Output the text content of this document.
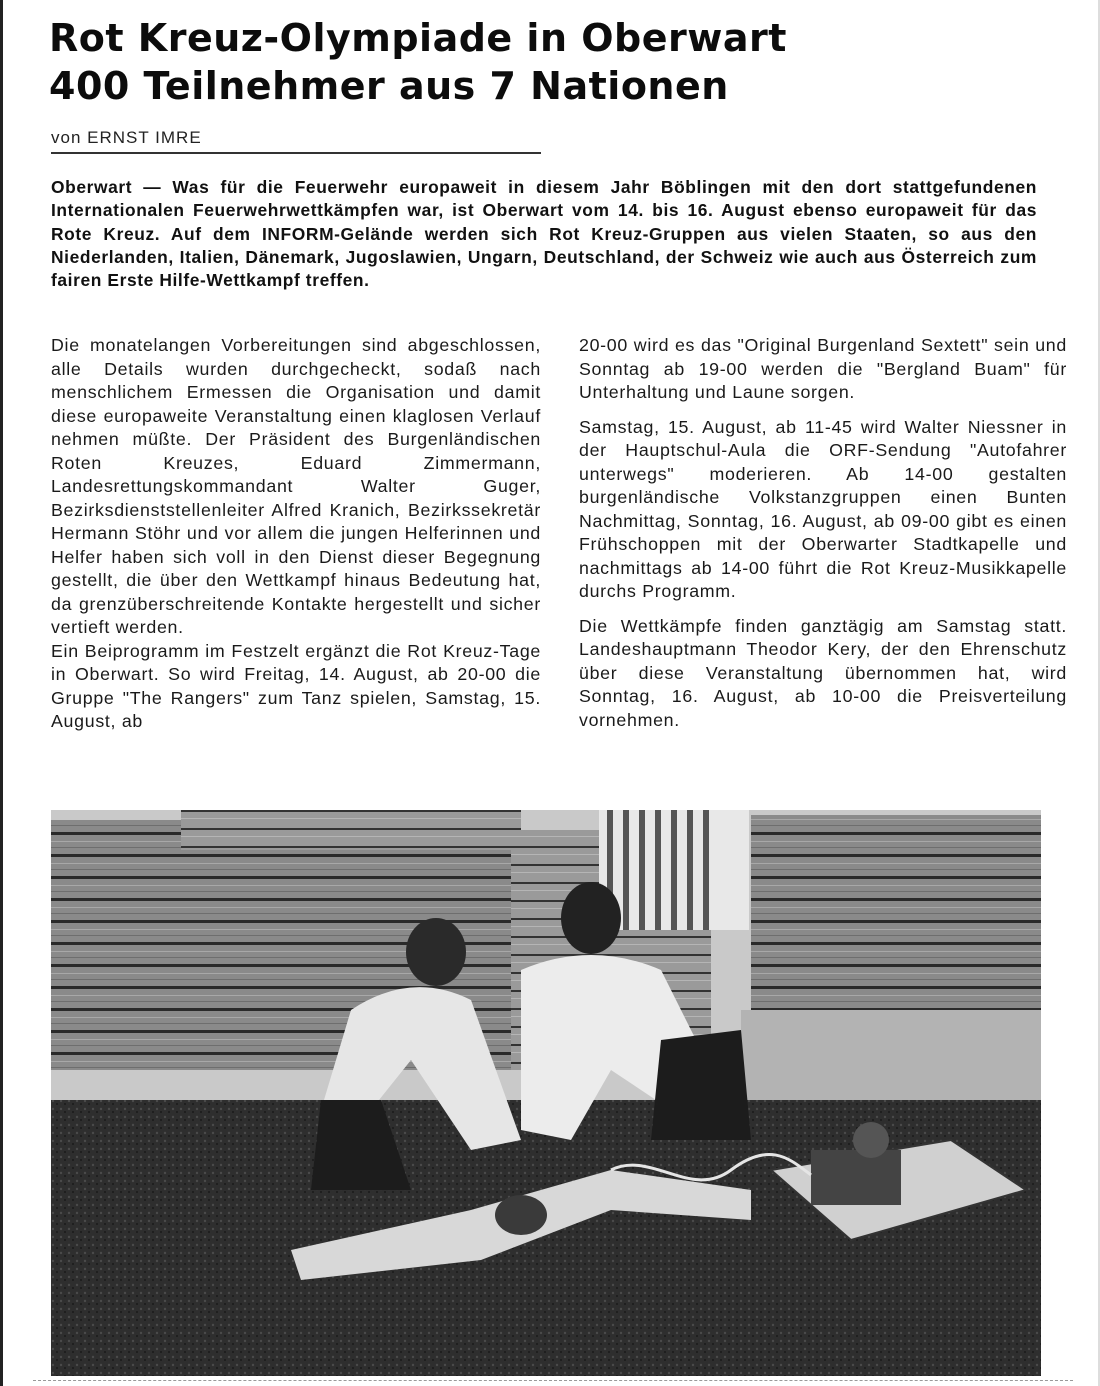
Rot Kreuz-Olympiade in Oberwart
400 Teilnehmer aus 7 Nationen
von ERNST IMRE

Oberwart — Was für die Feuerwehr europaweit in diesem Jahr Böblingen mit den dort stattgefundenen Internationalen Feuerwehrwettkämpfen war, ist Oberwart vom 14. bis 16. August ebenso europaweit für das Rote Kreuz. Auf dem INFORM-Gelände werden sich Rot Kreuz-Gruppen aus vielen Staaten, so aus den Niederlanden, Italien, Dänemark, Jugoslawien, Ungarn, Deutschland, der Schweiz wie auch aus Österreich zum fairen Erste Hilfe-Wettkampf treffen.

Die monatelangen Vorbereitungen sind abgeschlossen, alle Details wurden durchgecheckt, sodaß nach menschlichem Ermessen die Organisation und damit diese europaweite Veranstaltung einen klaglosen Verlauf nehmen müßte. Der Präsident des Burgenländischen Roten Kreuzes, Eduard Zimmermann, Landesrettungskommandant Walter Guger, Bezirksdienststellenleiter Alfred Kranich, Bezirkssekretär Hermann Stöhr und vor allem die jungen Helferinnen und Helfer haben sich voll in den Dienst dieser Begegnung gestellt, die über den Wettkampf hinaus Bedeutung hat, da grenzüberschreitende Kontakte hergestellt und sicher vertieft werden.

Ein Beiprogramm im Festzelt ergänzt die Rot Kreuz-Tage in Oberwart. So wird Freitag, 14. August, ab 20-00 die Gruppe "The Rangers" zum Tanz spielen, Samstag, 15. August, ab

20-00 wird es das "Original Burgenland Sextett" sein und Sonntag ab 19-00 werden die "Bergland Buam" für Unterhaltung und Laune sorgen.

Samstag, 15. August, ab 11-45 wird Walter Niessner in der Hauptschul-Aula die ORF-Sendung "Autofahrer unterwegs" moderieren. Ab 14-00 gestalten burgenländische Volkstanzgruppen einen Bunten Nachmittag, Sonntag, 16. August, ab 09-00 gibt es einen Frühschoppen mit der Oberwarter Stadtkapelle und nachmittags ab 14-00 führt die Rot Kreuz-Musikkapelle durchs Programm.

Die Wettkämpfe finden ganztägig am Samstag statt. Landeshauptmann Theodor Kery, der den Ehrenschutz über diese Veranstaltung übernommen hat, wird Sonntag, 16. August, ab 10-00 die Preisverteilung vornehmen.
